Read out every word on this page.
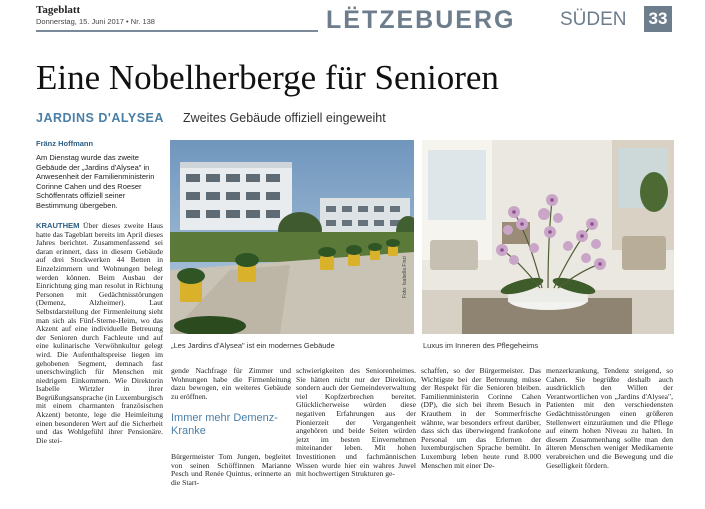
Tageblatt
Donnerstag, 15. Juni 2017 • Nr. 138	LËTZEBUERG SÜDEN 33
Eine Nobelherberge für Senioren
JARDINS D'ALYSEA Zweites Gebäude offiziell eingeweiht
Fränz Hoffmann
Am Dienstag wurde das zweite Gebäude der „Jardins d'Alysea" in Anwesenheit der Familienministerin Corinne Cahen und des Roeser Schöffenrats offiziell seiner Bestimmung übergeben.
Foto: Isabella Finzi
„Les Jardins d'Alysea" ist ein modernes Gebäude	Luxus im Inneren des Pflegeheims
KRAUTHEM Über dieses zweite Haus hatte das Tageblatt bereits im April dieses Jahres berichtet. Zusammenfassend sei daran erinnert, dass in diesem Gebäude auf drei Stockwerken 44 Betten in Einzelzimmern und Wohnungen belegt werden können. Beim Ausbau der Einrichtung ging man resolut in Richtung Personen mit Gedächtnisstörungen (Demenz, Alzheimer). Laut Selbstdarstellung der Firmenleitung sieht man sich als Fünf-Sterne-Heim, wo das Akzent auf eine individuelle Betreuung der Senioren durch Fachleute und auf eine kulinarische Verwöhnkultur gelegt wird. Die Aufenthaltspreise liegen im gehobenen Segment, demnach fast unerschwinglich für Menschen mit niedrigem Einkommen. Wie Direktorin Isabelle Wirtzler in ihrer Begrüßungsansprache (in Luxemburgisch mit einem charmanten französischen Akzent) betonte, lege die Heimleitung einen besonderen Wert auf die Sicherheit und das Wohlgefühl ihrer Pensionäre. Die stei-
gende Nachfrage für Zimmer und Wohnungen habe die Firmenleitung dazu bewogen, ein weiteres Gebäude zu eröffnen.
Immer mehr Demenz-Kranke
Bürgermeister Tom Jungen, begleitet von seinen Schöffinnen Marianne Pesch und Renée Quintus, erinnerte an die Start-
schwierigkeiten des Seniorenheimes. Sie hätten nicht nur der Direktion, sondern auch der Gemeindeverwaltung viel Kopfzerbrechen bereitet. Glücklicherweise würden diese negativen Erfahrungen aus der Pionierzeit der Vergangenheit angehören und beide Seiten würden jetzt im besten Einvernehmen miteinander leben. Mit hohen Investitionen und fachmännischen Wissen wurde hier ein wahres Juwel mit hochwertigen Strukturen ge-
schaffen, so der Bürgermeister. Das Wichtigste bei der Betreuung müsse der Respekt für die Senioren bleiben. Familienministerin Corinne Cahen (DP), die sich bei ihrem Besuch in Krauthem in der Sommerfrische wähnte, war besonders erfreut darüber, dass sich das überwiegend frankofone Personal um das Erlernen der luxemburgischen Sprache bemüht. In Luxemburg leben heute rund 8.000 Menschen mit einer De-
menzerkrankung, Tendenz steigend, so Cahen. Sie begrüßte deshalb auch ausdrücklich den Willen der Verantwortlichen von „Jardins d'Alysea", Patienten mit den verschiedensten Gedächtnisstörungen einen größeren Stellenwert einzuräumen und die Pflege auf einem hohen Niveau zu halten. In diesem Zusammenhang sollte man den älteren Menschen weniger Medikamente verabreichen und die Bewegung und die Geselligkeit fördern.
